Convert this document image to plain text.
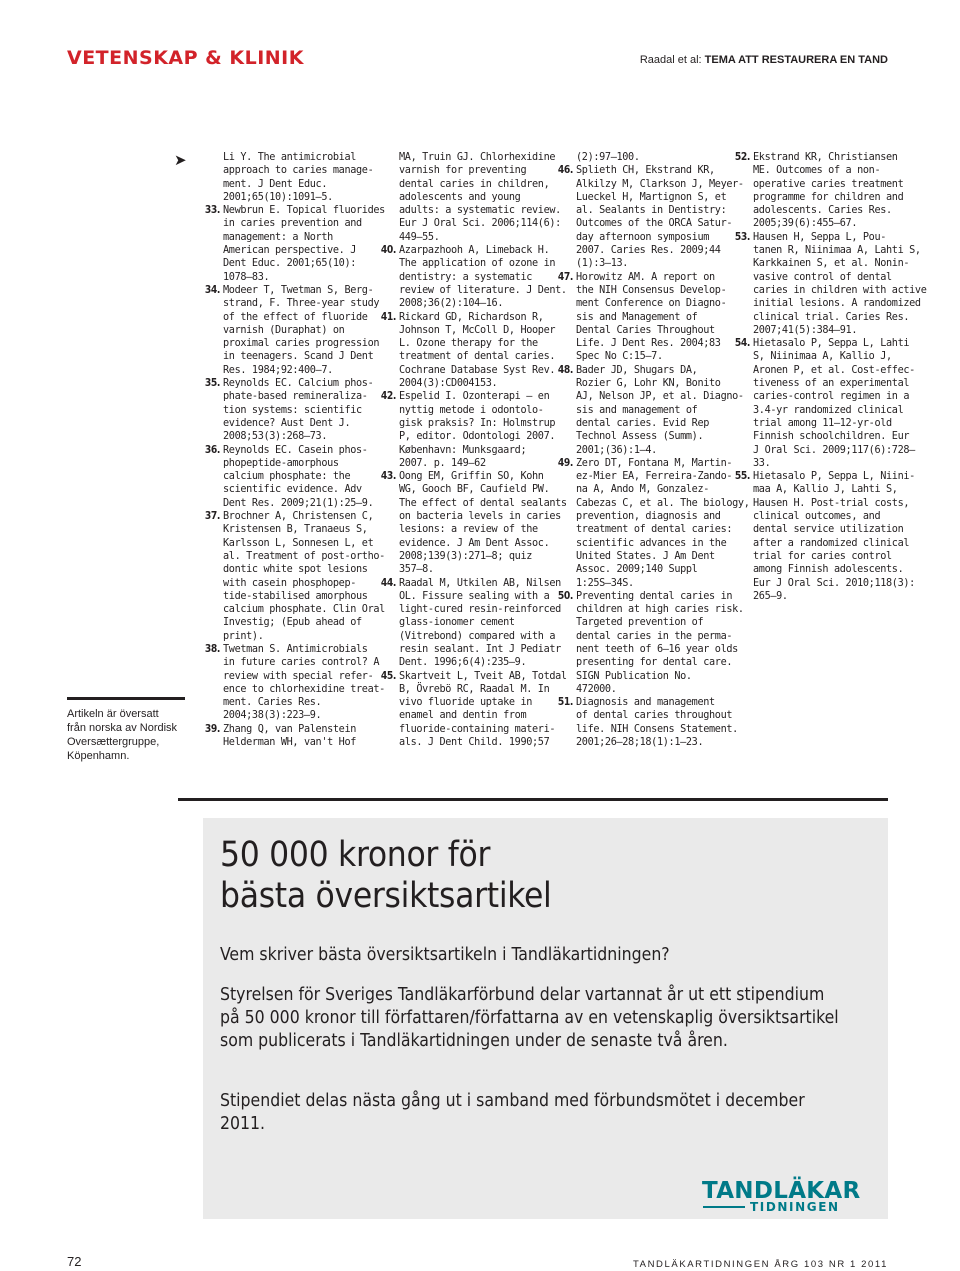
VETENSKAP & KLINIK	Raadal et al: TEMA ATT RESTAURERA EN TAND
Artikeln är översatt
från norska av Nordisk
Oversættergruppe,
Köpenhamn.
➤	Li Y. The antimicrobial
approach to caries manage-
ment. J Dent Educ.
2001;65(10):1091–5.
33. Newbrun E. Topical fluorides
in caries prevention and
management: a North
American perspective. J
Dent Educ. 2001;65(10):
1078–83.
34. Modeer T, Twetman S, Berg-
strand, F. Three-year study
of the effect of fluoride
varnish (Duraphat) on
proximal caries progression
in teenagers. Scand J Dent
Res. 1984;92:400–7.
35. Reynolds EC. Calcium phos-
phate-based remineraliza-
tion systems: scientific
evidence? Aust Dent J.
2008;53(3):268–73.
36. Reynolds EC. Casein phos-
phopeptide-amorphous
calcium phosphate: the
scientific evidence. Adv
Dent Res. 2009;21(1):25–9.
37. Brochner A, Christensen C,
Kristensen B, Tranaeus S,
Karlsson L, Sonnesen L, et
al. Treatment of post-ortho-
dontic white spot lesions
with casein phosphopep-
tide-stabilised amorphous
calcium phosphate. Clin Oral
Investig; (Epub ahead of
print).
38. Twetman S. Antimicrobials
in future caries control? A
review with special refer-
ence to chlorhexidine treat-
ment. Caries Res.
2004;38(3):223–9.
39. Zhang Q, van Palenstein
Helderman WH, van't Hof
MA, Truin GJ. Chlorhexidine
varnish for preventing
dental caries in children,
adolescents and young
adults: a systematic review.
Eur J Oral Sci. 2006;114(6):
449–55.
40. Azarpazhooh A, Limeback H.
The application of ozone in
dentistry: a systematic
review of literature. J Dent.
2008;36(2):104–16.
41. Rickard GD, Richardson R,
Johnson T, McColl D, Hooper
L. Ozone therapy for the
treatment of dental caries.
Cochrane Database Syst Rev.
2004(3):CD004153.
42. Espelid I. Ozonterapi – en
nyttig metode i odontolo-
gisk praksis? In: Holmstrup
P, editor. Odontologi 2007.
København: Munksgaard;
2007. p. 149–62
43. Oong EM, Griffin SO, Kohn
WG, Gooch BF, Caufield PW.
The effect of dental sealants
on bacteria levels in caries
lesions: a review of the
evidence. J Am Dent Assoc.
2008;139(3):271–8; quiz
357–8.
44. Raadal M, Utkilen AB, Nilsen
OL. Fissure sealing with a
light-cured resin-reinforced
glass-ionomer cement
(Vitrebond) compared with a
resin sealant. Int J Pediatr
Dent. 1996;6(4):235–9.
45. Skartveit L, Tveit AB, Totdal
B, Övrebö RC, Raadal M. In
vivo fluoride uptake in
enamel and dentin from
fluoride-containing materi-
als. J Dent Child. 1990;57
(2):97–100.
46. Splieth CH, Ekstrand KR,
Alkilzy M, Clarkson J, Meyer-
Lueckel H, Martignon S, et
al. Sealants in Dentistry:
Outcomes of the ORCA Satur-
day afternoon symposium
2007. Caries Res. 2009;44
(1):3–13.
47. Horowitz AM. A report on
the NIH Consensus Develop-
ment Conference on Diagno-
sis and Management of
Dental Caries Throughout
Life. J Dent Res. 2004;83
Spec No C:15–7.
48. Bader JD, Shugars DA,
Rozier G, Lohr KN, Bonito
AJ, Nelson JP, et al. Diagno-
sis and management of
dental caries. Evid Rep
Technol Assess (Summ).
2001;(36):1–4.
49. Zero DT, Fontana M, Martin-
ez-Mier EA, Ferreira-Zando-
na A, Ando M, Gonzalez-
Cabezas C, et al. The biology,
prevention, diagnosis and
treatment of dental caries:
scientific advances in the
United States. J Am Dent
Assoc. 2009;140 Suppl
1:25S–34S.
50. Preventing dental caries in
children at high caries risk.
Targeted prevention of
dental caries in the perma-
nent teeth of 6–16 year olds
presenting for dental care.
SIGN Publication No.
472000.
51. Diagnosis and management
of dental caries throughout
life. NIH Consens Statement.
2001;26–28;18(1):1–23.
52. Ekstrand KR, Christiansen
ME. Outcomes of a non-
operative caries treatment
programme for children and
adolescents. Caries Res.
2005;39(6):455–67.
53. Hausen H, Seppa L, Pou-
tanen R, Niinimaa A, Lahti S,
Karkkainen S, et al. Nonin-
vasive control of dental
caries in children with active
initial lesions. A randomized
clinical trial. Caries Res.
2007;41(5):384–91.
54. Hietasalo P, Seppa L, Lahti
S, Niinimaa A, Kallio J,
Aronen P, et al. Cost-effec-
tiveness of an experimental
caries-control regimen in a
3.4-yr randomized clinical
trial among 11–12-yr-old
Finnish schoolchildren. Eur
J Oral Sci. 2009;117(6):728–
33.
55. Hietasalo P, Seppa L, Niini-
maa A, Kallio J, Lahti S,
Hausen H. Post-trial costs,
clinical outcomes, and
dental service utilization
after a randomized clinical
trial for caries control
among Finnish adolescents.
Eur J Oral Sci. 2010;118(3):
265–9.
50 000 kronor för
bästa översiktsartikel
Vem skriver bästa översiktsartikeln i Tandläkartidningen?
Styrelsen för Sveriges Tandläkarförbund delar vartannat år ut ett stipendium på 50 000 kronor till författaren/författarna av en vetenskaplig översiktsartikel som publicerats i Tandläkartidningen under de senaste två åren.
Stipendiet delas nästa gång ut i samband med förbundsmötet i december 2011.
TANDLÄKAR
TIDNINGEN
72	TANDLÄKARTIDNINGEN ÅRG 103 NR 1 2011
